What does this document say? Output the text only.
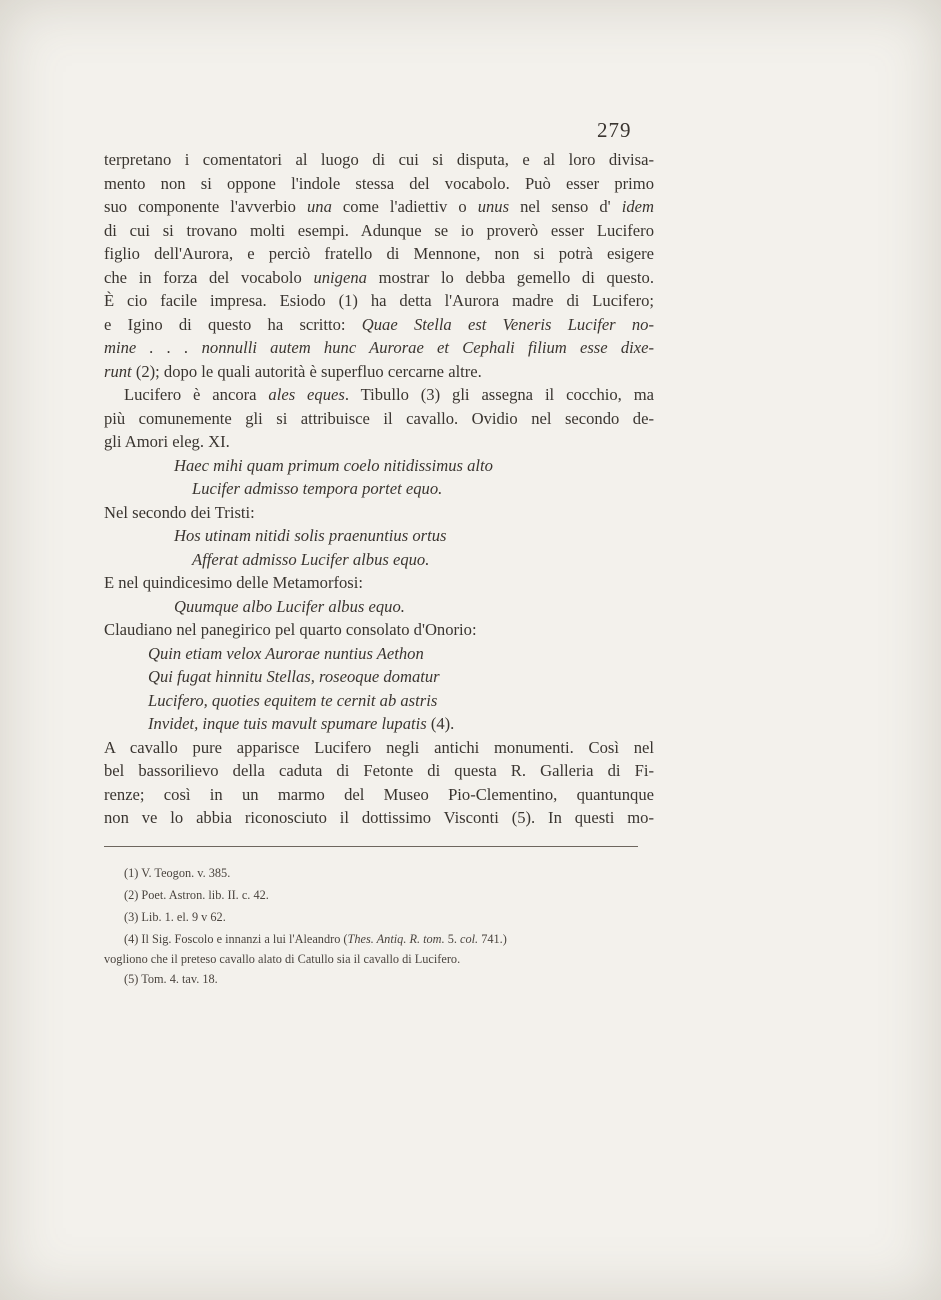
279
terpretano i comentatori al luogo di cui si disputa, e al loro divisa-
mento non si oppone l'indole stessa del vocabolo. Può esser primo
suo componente l'avverbio una come l'adiettiv o unus nel senso d' idem
di cui si trovano molti esempi. Adunque se io proverò esser Lucifero
figlio dell'Aurora, e perciò fratello di Mennone, non si potrà esigere
che in forza del vocabolo unigena mostrar lo debba gemello di questo.
È cio facile impresa. Esiodo (1) ha detta l'Aurora madre di Lucifero;
e Igino di questo ha scritto: Quae Stella est Veneris Lucifer no-
mine . . . nonnulli autem hunc Aurorae et Cephali filium esse dixe-
runt (2); dopo le quali autorità è superfluo cercarne altre.
Lucifero è ancora ales eques. Tibullo (3) gli assegna il cocchio, ma
più comunemente gli si attribuisce il cavallo. Ovidio nel secondo de-
gli Amori eleg. XI.
Haec mihi quam primum coelo nitidissimus alto
Lucifer admisso tempora portet equo.
Nel secondo dei Tristi:
Hos utinam nitidi solis praenuntius ortus
Afferat admisso Lucifer albus equo.
E nel quindicesimo delle Metamorfosi:
Quumque albo Lucifer albus equo.
Claudiano nel panegirico pel quarto consolato d'Onorio:
Quin etiam velox Aurorae nuntius Aethon
Qui fugat hinnitu Stellas, roseoque domatur
Lucifero, quoties equitem te cernit ab astris
Invidet, inque tuis mavult spumare lupatis (4).
A cavallo pure apparisce Lucifero negli antichi monumenti. Così nel
bel bassorilievo della caduta di Fetonte di questa R. Galleria di Fi-
renze; così in un marmo del Museo Pio-Clementino, quantunque
non ve lo abbia riconosciuto il dottissimo Visconti (5). In questi mo-
(1) V. Teogon. v. 385.
(2) Poet. Astron. lib. II. c. 42.
(3) Lib. 1. el. 9 v 62.
(4) Il Sig. Foscolo e innanzi a lui l'Aleandro (Thes. Antiq. R. tom. 5. col. 741.)
vogliono che il preteso cavallo alato di Catullo sia il cavallo di Lucifero.
(5) Tom. 4. tav. 18.
